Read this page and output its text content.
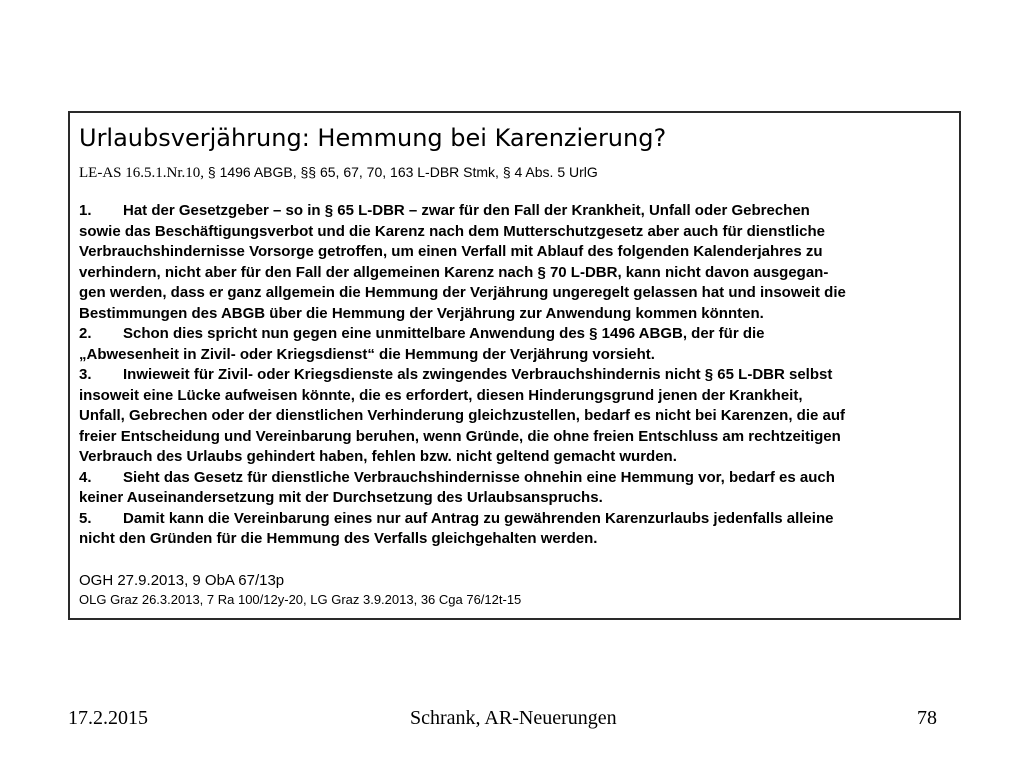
Urlaubsverjährung: Hemmung bei Karenzierung?
LE-AS 16.5.1.Nr.10, § 1496 ABGB, §§ 65, 67, 70, 163 L-DBR Stmk, § 4 Abs. 5 UrlG
1. Hat der Gesetzgeber – so in § 65 L-DBR – zwar für den Fall der Krankheit, Unfall oder Gebrechen
sowie das Beschäftigungsverbot und die Karenz nach dem Mutterschutzgesetz aber auch für dienstliche
Verbrauchshindernisse Vorsorge getroffen, um einen Verfall mit Ablauf des folgenden Kalenderjahres zu
verhindern, nicht aber für den Fall der allgemeinen Karenz nach § 70 L-DBR, kann nicht davon ausgegan-
gen werden, dass er ganz allgemein die Hemmung der Verjährung ungeregelt gelassen hat und insoweit die
Bestimmungen des ABGB über die Hemmung der Verjährung zur Anwendung kommen könnten.
2. Schon dies spricht nun gegen eine unmittelbare Anwendung des § 1496 ABGB, der für die
„Abwesenheit in Zivil- oder Kriegsdienst“ die Hemmung der Verjährung vorsieht.
3. Inwieweit für Zivil- oder Kriegsdienste als zwingendes Verbrauchshindernis nicht § 65 L-DBR selbst
insoweit eine Lücke aufweisen könnte, die es erfordert, diesen Hinderungsgrund jenen der Krankheit,
Unfall, Gebrechen oder der dienstlichen Verhinderung gleichzustellen, bedarf es nicht bei Karenzen, die auf
freier Entscheidung und Vereinbarung beruhen, wenn Gründe, die ohne freien Entschluss am rechtzeitigen
Verbrauch des Urlaubs gehindert haben, fehlen bzw. nicht geltend gemacht wurden.
4. Sieht das Gesetz für dienstliche Verbrauchshindernisse ohnehin eine Hemmung vor, bedarf es auch
keiner Auseinandersetzung mit der Durchsetzung des Urlaubsanspruchs.
5. Damit kann die Vereinbarung eines nur auf Antrag zu gewährenden Karenzurlaubs jedenfalls alleine
nicht den Gründen für die Hemmung des Verfalls gleichgehalten werden.
OGH 27.9.2013, 9 ObA 67/13p
OLG Graz 26.3.2013, 7 Ra 100/12y-20, LG Graz 3.9.2013, 36 Cga 76/12t-15
17.2.2015	Schrank, AR-Neuerungen	78
